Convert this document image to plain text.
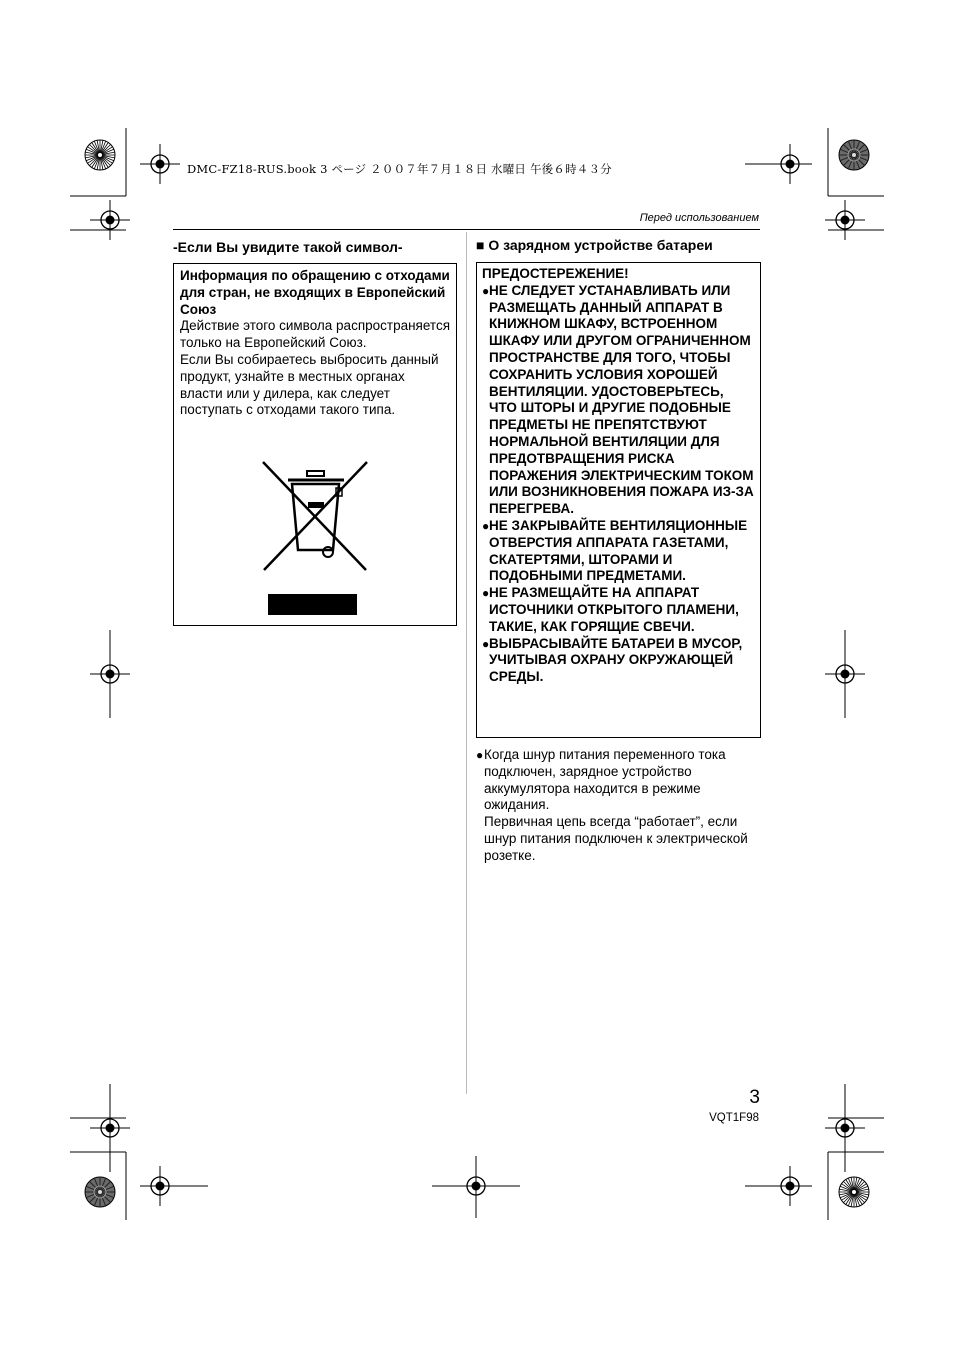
DMC-FZ18-RUS.book 3 ページ ２００７年７月１８日 水曜日 午後６時４３分
Перед использованием
-Если Вы увидите такой символ-
Информация по обращению с отходами для стран, не входящих в Европейский Союз
Действие этого символа распространяется только на Европейский Союз.
Если Вы собираетесь выбросить данный продукт, узнайте в местных органах власти или у дилера, как следует поступать с отходами такого типа.
■ О зарядном устройстве батареи
ПРЕДОСТЕРЕЖЕНИЕ!
●НЕ СЛЕДУЕТ УСТАНАВЛИВАТЬ ИЛИ РАЗМЕЩАТЬ ДАННЫЙ АППАРАТ В КНИЖНОМ ШКАФУ, ВСТРОЕННОМ ШКАФУ ИЛИ ДРУГОМ ОГРАНИЧЕННОМ ПРОСТРАНСТВЕ ДЛЯ ТОГО, ЧТОБЫ СОХРАНИТЬ УСЛОВИЯ ХОРОШЕЙ ВЕНТИЛЯЦИИ. УДОСТОВЕРЬТЕСЬ, ЧТО ШТОРЫ И ДРУГИЕ ПОДОБНЫЕ ПРЕДМЕТЫ НЕ ПРЕПЯТСТВУЮТ НОРМАЛЬНОЙ ВЕНТИЛЯЦИИ ДЛЯ ПРЕДОТВРАЩЕНИЯ РИСКА ПОРАЖЕНИЯ ЭЛЕКТРИЧЕСКИМ ТОКОМ ИЛИ ВОЗНИКНОВЕНИЯ ПОЖАРА ИЗ-ЗА ПЕРЕГРЕВА.
●НЕ ЗАКРЫВАЙТЕ ВЕНТИЛЯЦИОННЫЕ ОТВЕРСТИЯ АППАРАТА ГАЗЕТАМИ, СКАТЕРТЯМИ, ШТОРАМИ И ПОДОБНЫМИ ПРЕДМЕТАМИ.
●НЕ РАЗМЕЩАЙТЕ НА АППАРАТ ИСТОЧНИКИ ОТКРЫТОГО ПЛАМЕНИ, ТАКИЕ, КАК ГОРЯЩИЕ СВЕЧИ.
●ВЫБРАСЫВАЙТЕ БАТАРЕИ В МУСОР, УЧИТЫВАЯ ОХРАНУ ОКРУЖАЮЩЕЙ СРЕДЫ.
● Когда шнур питания переменного тока подключен, зарядное устройство аккумулятора находится в режиме ожидания.
Первичная цепь всегда “работает”, если шнур питания подключен к электрической розетке.
3
VQT1F98
